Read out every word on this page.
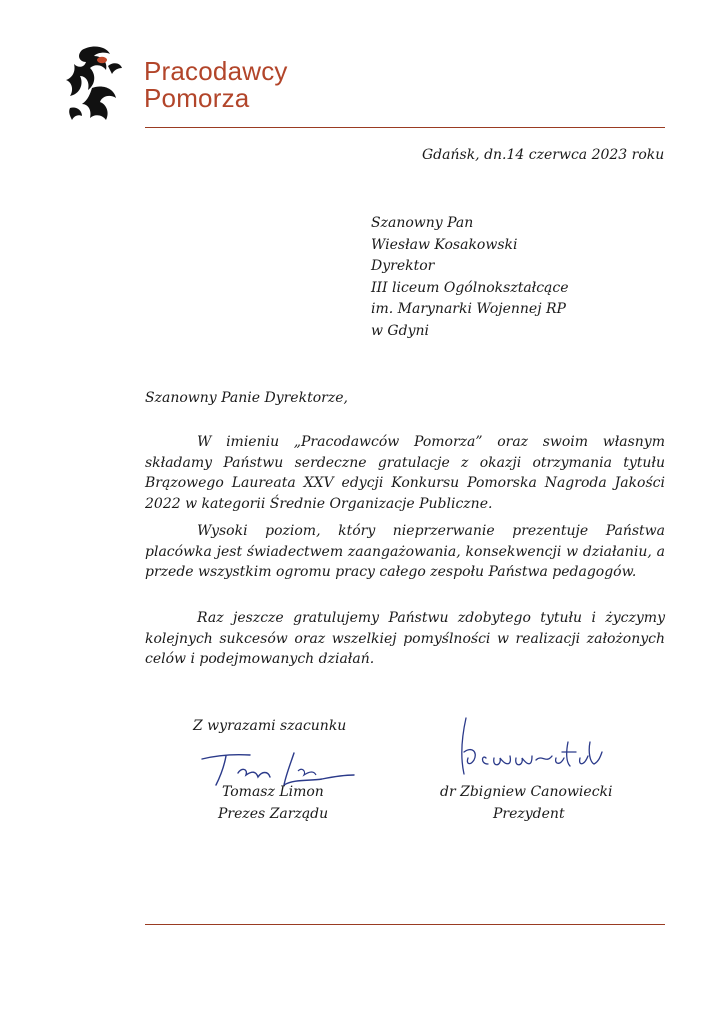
Pracodawcy
Pomorza
Gdańsk, dn.14 czerwca 2023 roku
Szanowny Pan
Wiesław Kosakowski
Dyrektor
III liceum Ogólnokształcące
im. Marynarki Wojennej RP
w Gdyni
Szanowny Panie Dyrektorze,
W imieniu „Pracodawców Pomorza” oraz swoim własnym składamy Państwu serdeczne gratulacje z okazji otrzymania tytułu Brązowego Laureata XXV edycji Konkursu Pomorska Nagroda Jakości 2022 w kategorii Średnie Organizacje Publiczne.
Wysoki poziom, który nieprzerwanie prezentuje Państwa placówka jest świadectwem zaangażowania, konsekwencji w działaniu, a przede wszystkim ogromu pracy całego zespołu Państwa pedagogów.
Raz jeszcze gratulujemy Państwu zdobytego tytułu i życzymy kolejnych sukcesów oraz wszelkiej pomyślności w realizacji założonych celów i podejmowanych działań.
Z wyrazami szacunku
Tomasz Limon
Prezes Zarządu
dr Zbigniew Canowiecki
Prezydent
